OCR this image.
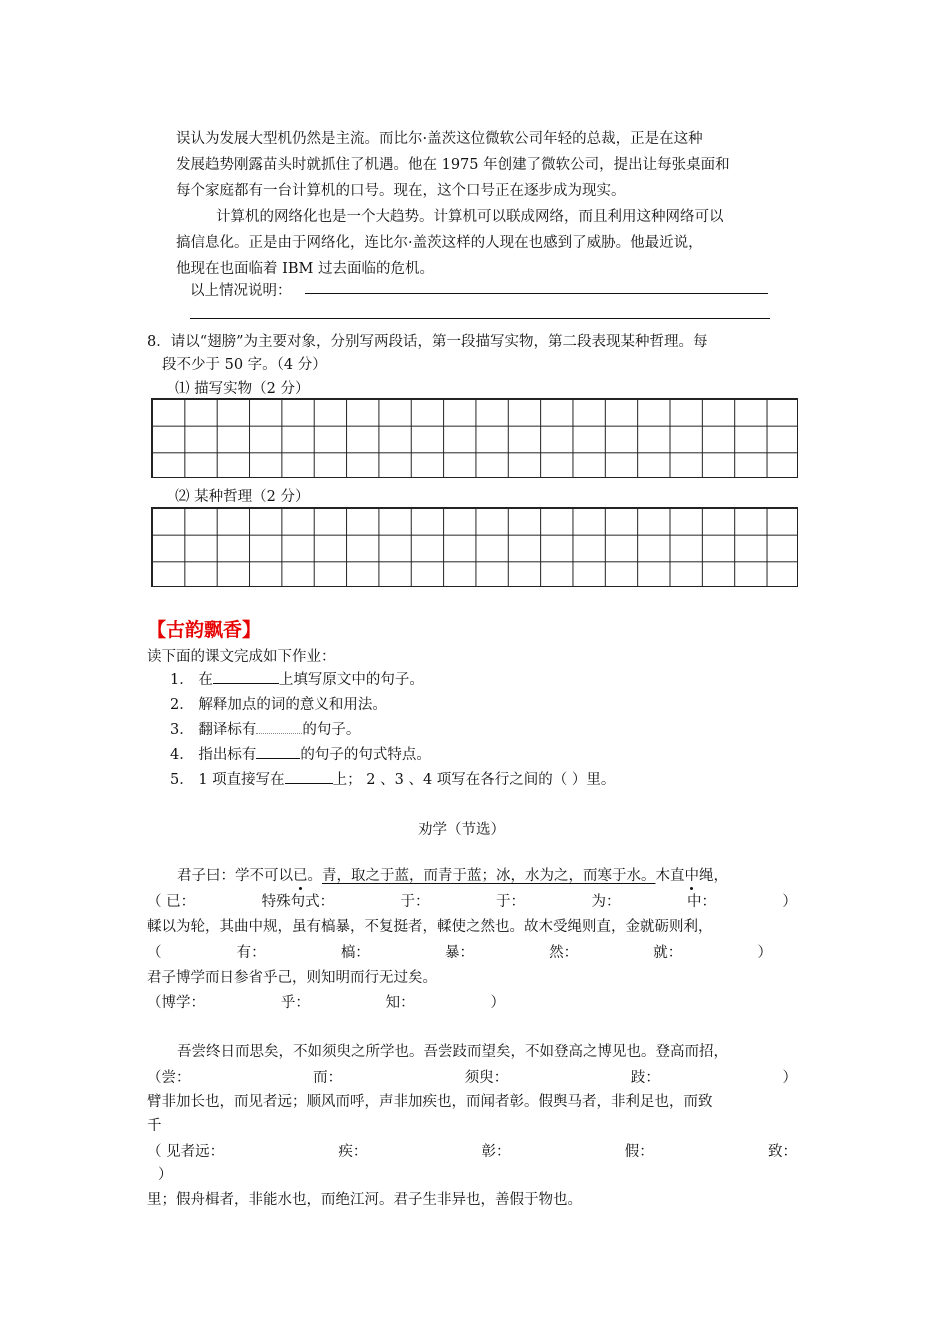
误认为发展大型机仍然是主流。而比尔·盖茨这位微软公司年轻的总裁，正是在这种
发展趋势刚露苗头时就抓住了机遇。他在 1975 年创建了微软公司，提出让每张桌面和
每个家庭都有一台计算机的口号。现在，这个口号正在逐步成为现实。
计算机的网络化也是一个大趋势。计算机可以联成网络，而且利用这种网络可以
搞信息化。正是由于网络化，连比尔·盖茨这样的人现在也感到了威胁。他最近说，
他现在也面临着 IBM 过去面临的危机。
以上情况说明：
8．请以“翅膀”为主要对象，分别写两段话，第一段描写实物，第二段表现某种哲理。每
段不少于 50 字。（4 分）
⑴ 描写实物（2 分）
⑵ 某种哲理（2 分）
【古韵飘香】
读下面的课文完成如下作业：
1． 在	上填写原文中的句子。
2． 解释加点的词的意义和用法。
3． 翻译标有	的句子。
4． 指出标有	的句子的句式特点。
5． 1 项直接写在	上； 2 、3 、4 项写在各行之间的（ ）里。
劝学（节选）
君子曰：学不可以已。青，取之于蓝，而青于蓝；冰，水为之，而寒于水。木直中绳，
（ 已：	特殊句式：	于：	于：	为：	中：	）
輮以为轮，其曲中规，虽有槁暴，不复挺者，輮使之然也。故木受绳则直，金就砺则利，
（	有：	槁：	暴：	然：	就：	）
君子博学而日参省乎己，则知明而行无过矣。
（博学：	乎：	知：	）
吾尝终日而思矣，不如须臾之所学也。吾尝跂而望矣，不如登高之博见也。登高而招，
（尝：	而：	须臾：	跂：	）
臂非加长也，而见者远；顺风而呼，声非加疾也，而闻者彰。假舆马者，非利足也，而致
千
（ 见者远：	疾：	彰：	假：	致：
）
里；假舟楫者，非能水也，而绝江河。君子生非异也，善假于物也。
